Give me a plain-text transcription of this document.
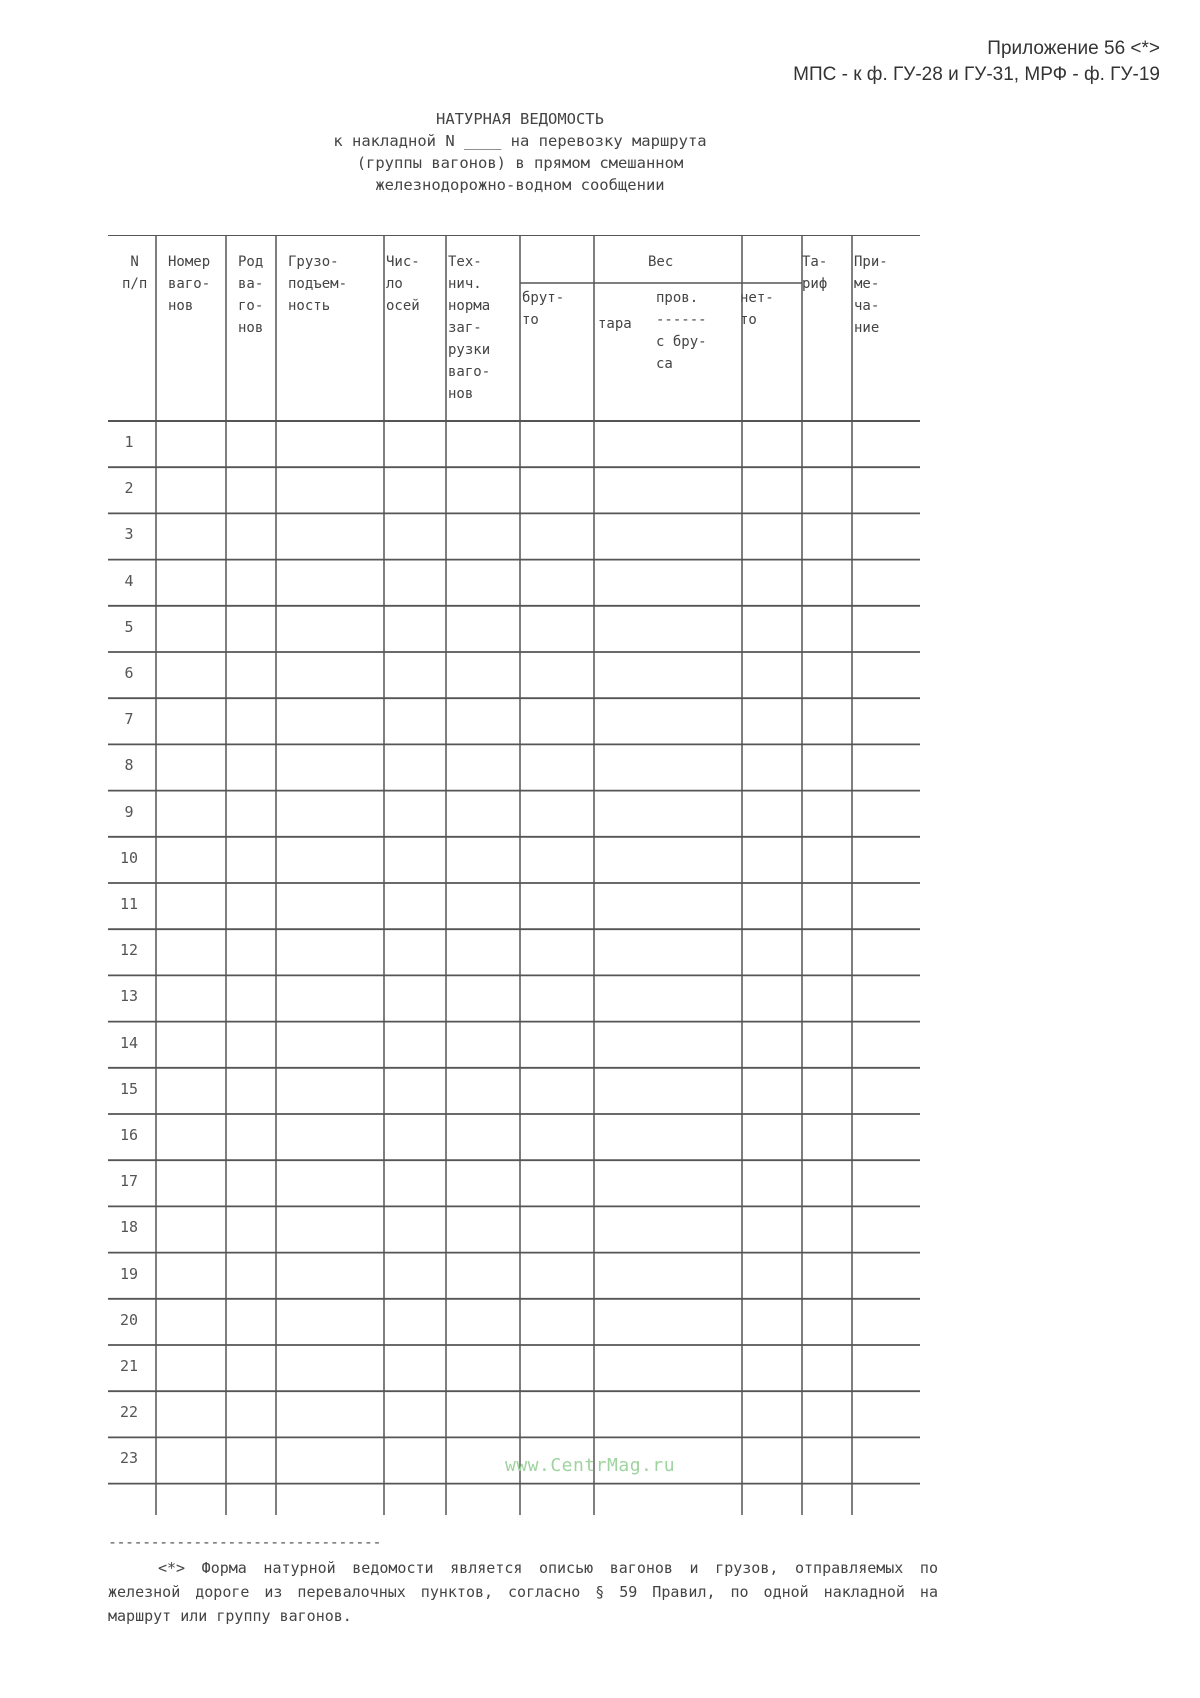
Приложение 56 <*>
МПС - к ф. ГУ-28 и ГУ-31, МРФ - ф. ГУ-19
НАТУРНАЯ ВЕДОМОСТЬ
к накладной N ____ на перевозку маршрута
(группы вагонов) в прямом смешанном
железнодорожно-водном сообщении
N
п/п
Номер
ваго-
нов
Род
ва-
го-
нов
Грузо-
подъем-
ность
Чис-
ло
осей
Тех-
нич.
норма
заг-
рузки
ваго-
нов
Вес
брут-
то	тара
пров.
------
с бру-
са
нет-
то
Та-
риф
При-
ме-
ча-
ние
1
2
3
4
5
6
7
8
9
10
11
12
13
14
15
16
17
18
19
20
21
22
23	www.CentrMag.ru
--------------------------------
<*> Форма натурной ведомости является описью вагонов и грузов, отправляемых по железной дороге из перевалочных пунктов, согласно § 59 Правил, по одной накладной на маршрут или группу вагонов.
